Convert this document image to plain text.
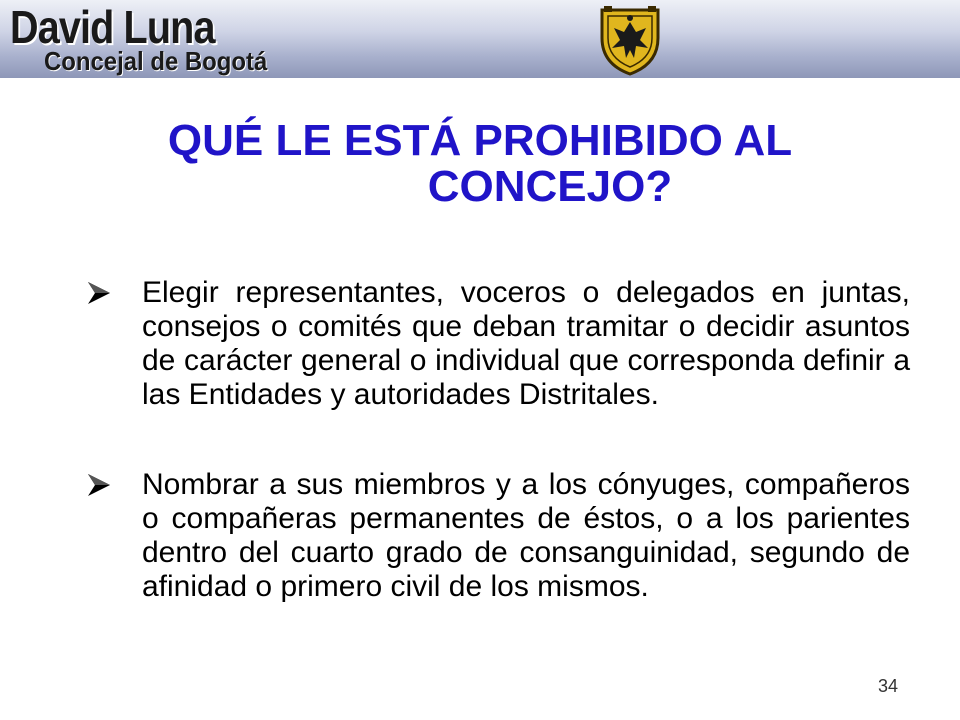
David Luna
Concejal de Bogotá
QUÉ LE ESTÁ PROHIBIDO AL

CONCEJO?
Elegir representantes, voceros o delegados en juntas, consejos o comités que deban tramitar o decidir asuntos de carácter general o individual que corresponda definir a las Entidades y autoridades Distritales.
Nombrar a sus miembros y a los cónyuges, compañeros o compañeras permanentes de éstos, o a los parientes dentro del cuarto grado de consanguinidad, segundo de afinidad o primero civil de los mismos.
34
